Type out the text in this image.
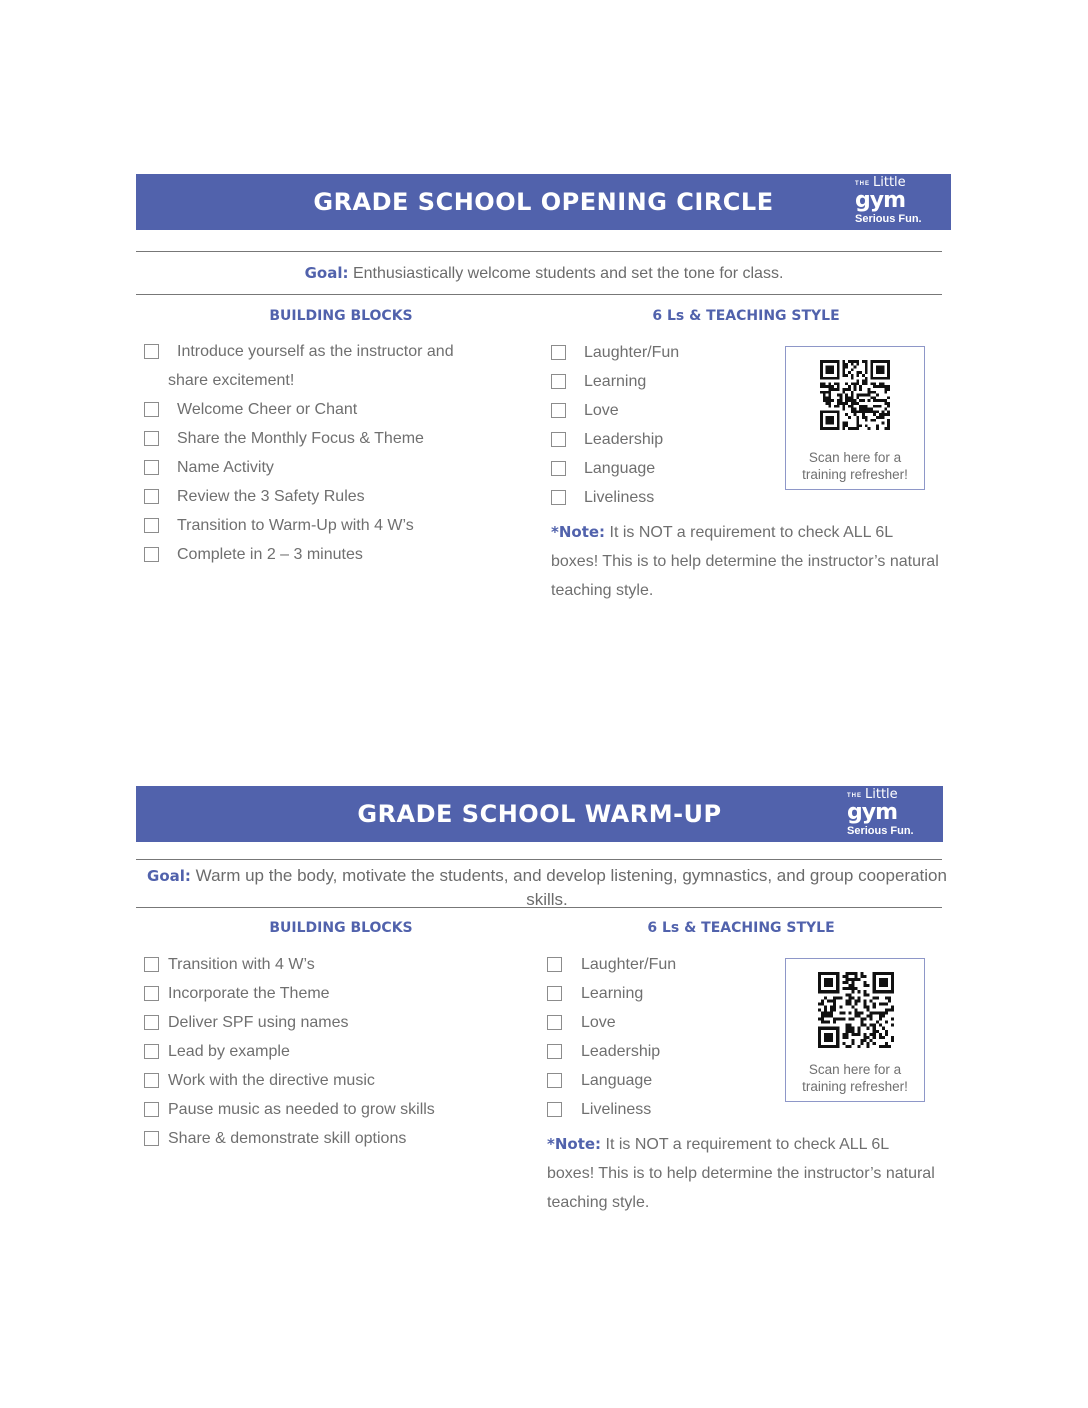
GRADE SCHOOL OPENING CIRCLE
THE Little
gym
Serious Fun.
Goal: Enthusiastically welcome students and set the tone for class.
BUILDING BLOCKS
Introduce yourself as the instructor and
share excitement!
Welcome Cheer or Chant
Share the Monthly Focus & Theme
Name Activity
Review the 3 Safety Rules
Transition to Warm-Up with 4 W’s
Complete in 2 – 3 minutes
6 Ls & TEACHING STYLE
Laughter/Fun
Learning
Love
Leadership
Language
Liveliness
Scan here for a
training refresher!
*Note: It is NOT a requirement to check ALL 6L boxes! This is to help determine the instructor’s natural teaching style.
GRADE SCHOOL WARM-UP
THE Little
gym
Serious Fun.
Goal: Warm up the body, motivate the students, and develop listening, gymnastics, and group cooperation skills.
BUILDING BLOCKS
Transition with 4 W’s
Incorporate the Theme
Deliver SPF using names
Lead by example
Work with the directive music
Pause music as needed to grow skills
Share & demonstrate skill options
6 Ls & TEACHING STYLE
Laughter/Fun
Learning
Love
Leadership
Language
Liveliness
Scan here for a
training refresher!
*Note: It is NOT a requirement to check ALL 6L boxes! This is to help determine the instructor’s natural teaching style.
